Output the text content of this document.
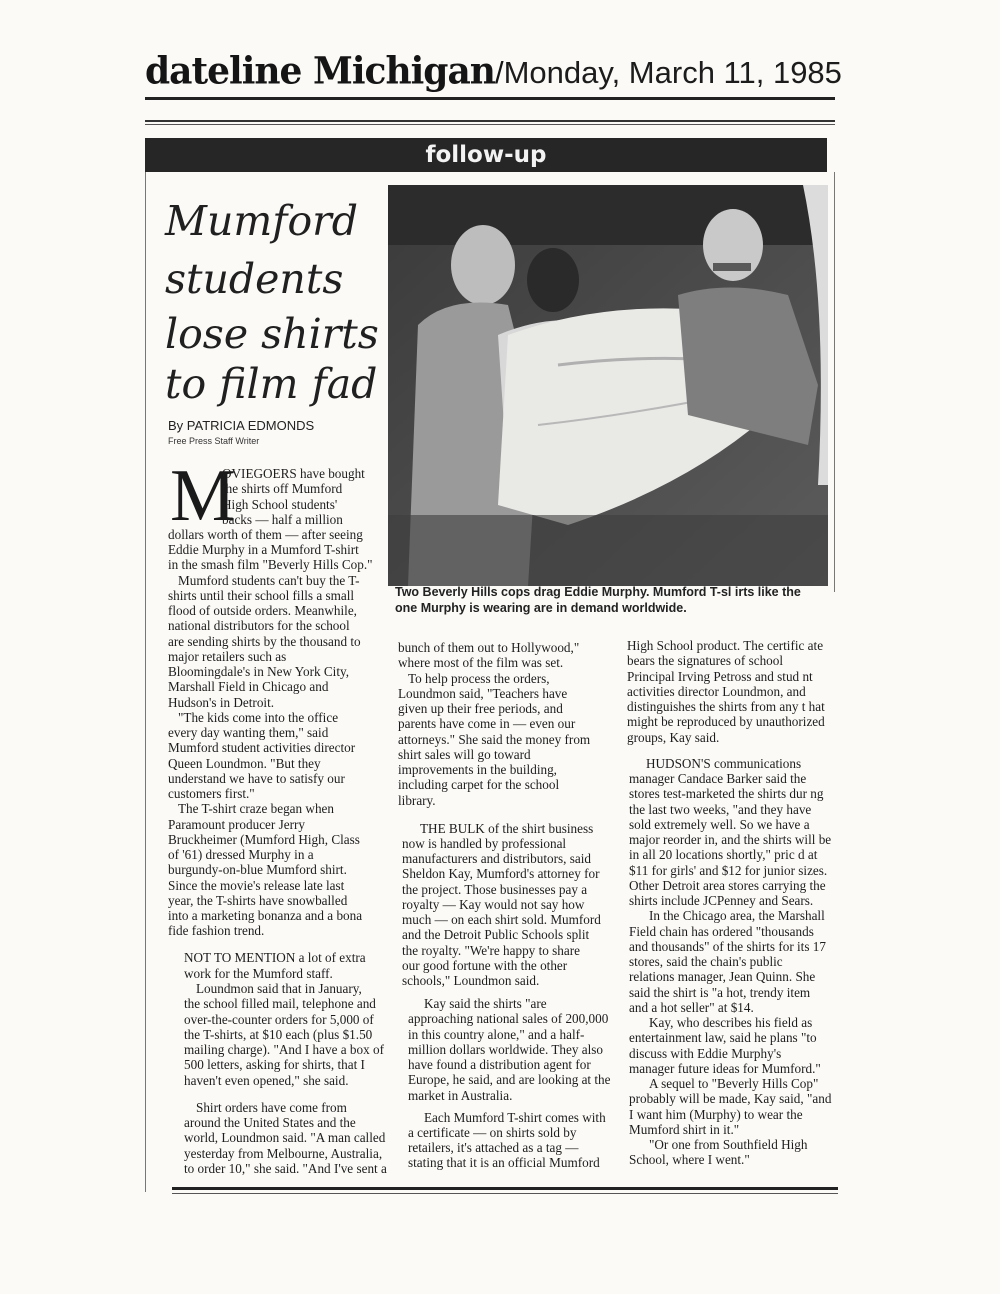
dateline Michigan/Monday, March 11, 1985
follow-up
Mumford
students
lose shirts
to film fad
By PATRICIA EDMONDS
Free Press Staff Writer
Two Beverly Hills cops drag Eddie Murphy. Mumford T-sl irts like the
one Murphy is wearing are in demand worldwide.
M
OVIEGOERS have bought
the shirts off Mumford
High School students'
backs — half a million
dollars worth of them — after seeing
Eddie Murphy in a Mumford T-shirt
in the smash film "Beverly Hills Cop."
Mumford students can't buy the T-
shirts until their school fills a small
flood of outside orders. Meanwhile,
national distributors for the school
are sending shirts by the thousand to
major retailers such as
Bloomingdale's in New York City,
Marshall Field in Chicago and
Hudson's in Detroit.
"The kids come into the office
every day wanting them," said
Mumford student activities director
Queen Loundmon. "But they
understand we have to satisfy our
customers first."
The T-shirt craze began when
Paramount producer Jerry
Bruckheimer (Mumford High, Class
of '61) dressed Murphy in a
burgundy-on-blue Mumford shirt.
Since the movie's release late last
year, the T-shirts have snowballed
into a marketing bonanza and a bona
fide fashion trend.
NOT TO MENTION a lot of extra
work for the Mumford staff.
Loundmon said that in January,
the school filled mail, telephone and
over-the-counter orders for 5,000 of
the T-shirts, at $10 each (plus $1.50
mailing charge). "And I have a box of
500 letters, asking for shirts, that I
haven't even opened," she said.
Shirt orders have come from
around the United States and the
world, Loundmon said. "A man called
yesterday from Melbourne, Australia,
to order 10," she said. "And I've sent a
bunch of them out to Hollywood,"
where most of the film was set.
To help process the orders,
Loundmon said, "Teachers have
given up their free periods, and
parents have come in — even our
attorneys." She said the money from
shirt sales will go toward
improvements in the building,
including carpet for the school
library.
THE BULK of the shirt business
now is handled by professional
manufacturers and distributors, said
Sheldon Kay, Mumford's attorney for
the project. Those businesses pay a
royalty — Kay would not say how
much — on each shirt sold. Mumford
and the Detroit Public Schools split
the royalty. "We're happy to share
our good fortune with the other
schools," Loundmon said.
Kay said the shirts "are
approaching national sales of 200,000
in this country alone," and a half-
million dollars worldwide. They also
have found a distribution agent for
Europe, he said, and are looking at the
market in Australia.
Each Mumford T-shirt comes with
a certificate — on shirts sold by
retailers, it's attached as a tag —
stating that it is an official Mumford
High School product. The certific ate
bears the signatures of school
Principal Irving Petross and stud nt
activities director Loundmon, and
distinguishes the shirts from any t hat
might be reproduced by unauthorized
groups, Kay said.
HUDSON'S communications
manager Candace Barker said the
stores test-marketed the shirts dur ng
the last two weeks, "and they have
sold extremely well. So we have a
major reorder in, and the shirts will be
in all 20 locations shortly," pric d at
$11 for girls' and $12 for junior sizes.
Other Detroit area stores carrying the
shirts include JCPenney and Sears.
In the Chicago area, the Marshall
Field chain has ordered "thousands
and thousands" of the shirts for its 17
stores, said the chain's public
relations manager, Jean Quinn. She
said the shirt is "a hot, trendy item
and a hot seller" at $14.
Kay, who describes his field as
entertainment law, said he plans "to
discuss with Eddie Murphy's
manager future ideas for Mumford."
A sequel to "Beverly Hills Cop"
probably will be made, Kay said, "and
I want him (Murphy) to wear the
Mumford shirt in it."
"Or one from Southfield High
School, where I went."
